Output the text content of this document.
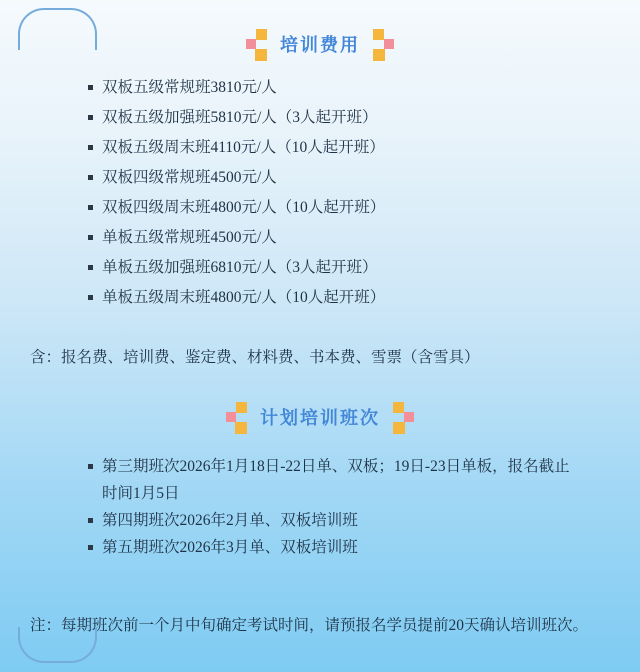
培训费用
双板五级常规班3810元/人
双板五级加强班5810元/人（3人起开班）
双板五级周末班4110元/人（10人起开班）
双板四级常规班4500元/人
双板四级周末班4800元/人（10人起开班）
单板五级常规班4500元/人
单板五级加强班6810元/人（3人起开班）
单板五级周末班4800元/人（10人起开班）

含：报名费、培训费、鉴定费、材料费、书本费、雪票（含雪具）

计划培训班次
第三期班次2026年1月18日-22日单、双板；19日-23日单板，报名截止时间1月5日
第四期班次2026年2月单、双板培训班
第五期班次2026年3月单、双板培训班

注：每期班次前一个月中旬确定考试时间，请预报名学员提前20天确认培训班次。
